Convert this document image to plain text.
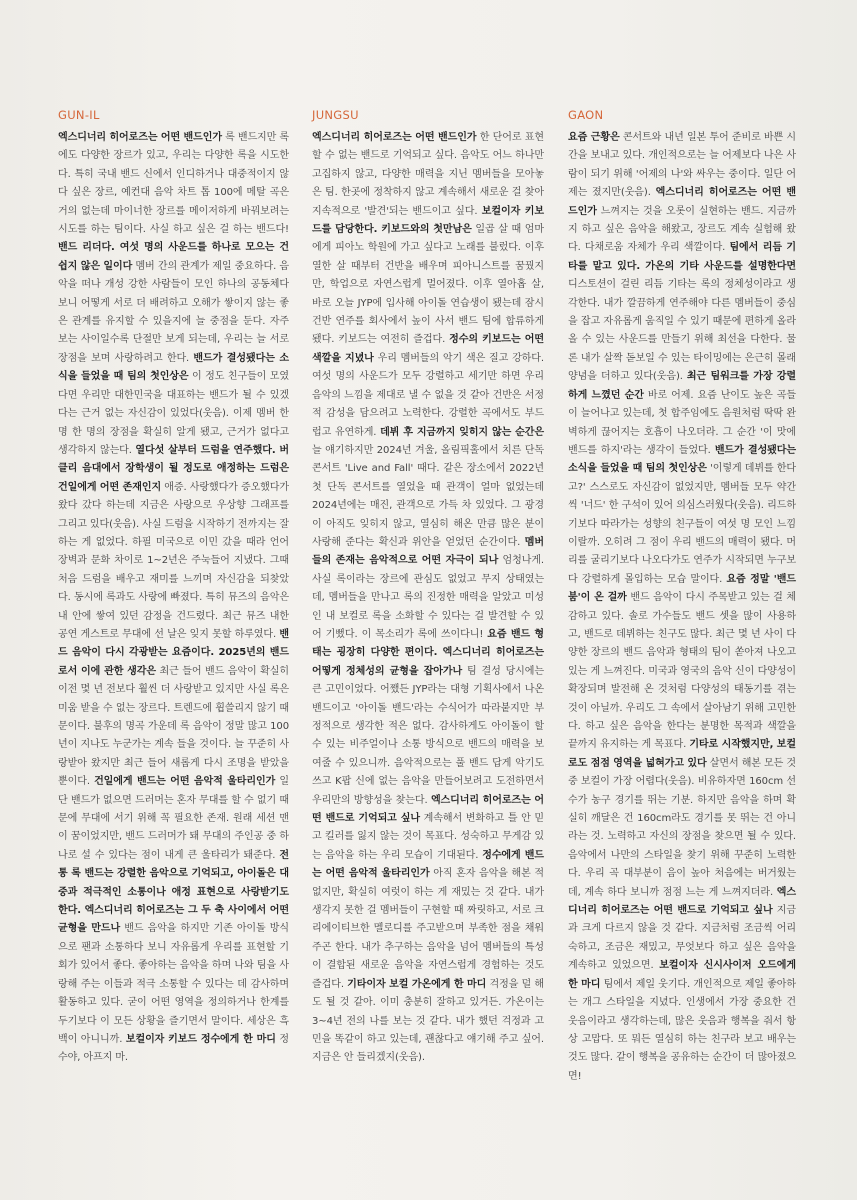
GUN-IL

엑스디너리 히어로즈는 어떤 밴드인가 록 밴드지만 록에도 다양한 장르가 있고, 우리는 다양한 록을 시도한다. 특히 국내 밴드 신에서 인디하거나 대중적이지 않다 싶은 장르, 예컨대 음악 차트 톱 100에 메탈 곡은 거의 없는데 마이너한 장르를 메이저하게 바꿔보려는 시도를 하는 팀이다. 사실 하고 싶은 걸 하는 밴드다! 밴드 리더다. 여섯 명의 사운드를 하나로 모으는 건 쉽지 않은 일이다 멤버 간의 관계가 제일 중요하다. 음악을 떠나 개성 강한 사람들이 모인 하나의 공동체다 보니 어떻게 서로 더 배려하고 오해가 쌓이지 않는 좋은 관계를 유지할 수 있을지에 늘 중점을 둔다. 자주 보는 사이일수록 단절만 보게 되는데, 우리는 늘 서로 장점을 보며 사랑하려고 한다. 밴드가 결성됐다는 소식을 들었을 때 팀의 첫인상은 이 정도 친구들이 모였다면 우리만 대한민국을 대표하는 밴드가 될 수 있겠다는 근거 없는 자신감이 있었다(웃음). 이제 멤버 한 명 한 명의 장점을 확실히 알게 됐고, 근거가 없다고 생각하지 않는다. 열다섯 살부터 드럼을 연주했다. 버클리 음대에서 장학생이 될 정도로 애정하는 드럼은 건일에게 어떤 존재인지 애증. 사랑했다가 증오했다가 왔다 갔다 하는데 지금은 사랑으로 우상향 그래프를 그리고 있다(웃음). 사실 드럼을 시작하기 전까지는 잘하는 게 없었다. 하필 미국으로 이민 갔을 때라 언어 장벽과 문화 차이로 1~2년은 주눅들어 지냈다. 그때 처음 드럼을 배우고 재미를 느끼며 자신감을 되찾았다. 동시에 록과도 사랑에 빠졌다. 특히 뮤즈의 음악은 내 안에 쌓여 있던 감정을 건드렸다. 최근 뮤즈 내한 공연 게스트로 무대에 선 날은 잊지 못할 하루였다. 밴드 음악이 다시 각광받는 요즘이다. 2025년의 밴드로서 이에 관한 생각은 최근 들어 밴드 음악이 확실히 이전 몇 년 전보다 훨씬 더 사랑받고 있지만 사실 록은 미움 받을 수 없는 장르다. 트렌드에 휩쓸리지 않기 때문이다. 불후의 명곡 가운데 록 음악이 정말 많고 100년이 지나도 누군가는 계속 들을 것이다. 늘 꾸준히 사랑받아 왔지만 최근 들어 새롭게 다시 조명을 받았을 뿐이다. 건일에게 밴드는 어떤 음악적 울타리인가 일단 밴드가 없으면 드러머는 혼자 무대를 할 수 없기 때문에 무대에 서기 위해 꼭 필요한 존재. 원래 세션 맨이 꿈이었지만, 밴드 드러머가 돼 무대의 주인공 중 하나로 설 수 있다는 점이 내게 큰 울타리가 돼준다. 전통 록 밴드는 강렬한 음악으로 기억되고, 아이돌은 대중과 적극적인 소통이나 애정 표현으로 사랑받기도 한다. 엑스디너리 히어로즈는 그 두 축 사이에서 어떤 균형을 만드나 밴드 음악을 하지만 기존 아이돌 방식으로 팬과 소통하다 보니 자유롭게 우리를 표현할 기회가 있어서 좋다. 좋아하는 음악을 하며 나와 팀을 사랑해 주는 이들과 적극 소통할 수 있다는 데 감사하며 활동하고 있다. 굳이 어떤 영역을 정의하거나 한계를 두기보다 이 모든 상황을 즐기면서 말이다. 세상은 흑백이 아니니까. 보컬이자 키보드 정수에게 한 마디 정수야, 아프지 마.

JUNGSU

엑스디너리 히어로즈는 어떤 밴드인가 한 단어로 표현할 수 없는 밴드로 기억되고 싶다. 음악도 어느 하나만 고집하지 않고, 다양한 매력을 지닌 멤버들을 모아놓은 팀. 한곳에 정착하지 않고 계속해서 새로운 걸 찾아 지속적으로 '발견'되는 밴드이고 싶다. 보컬이자 키보드를 담당한다. 키보드와의 첫만남은 일곱 살 때 엄마에게 피아노 학원에 가고 싶다고 노래를 불렀다. 이후 열한 살 때부터 건반을 배우며 피아니스트를 꿈꿨지만, 학업으로 자연스럽게 멀어졌다. 이후 열아홉 살, 바로 오늘 JYP에 입사해 아이돌 연습생이 됐는데 잠시 건반 연주를 회사에서 높이 사서 밴드 팀에 합류하게 됐다. 키보드는 여전히 즐겁다. 정수의 키보드는 어떤 색깔을 지녔나 우리 멤버들의 악기 색은 질고 강하다. 여섯 명의 사운드가 모두 강렬하고 세기만 하면 우리 음악의 느낌을 제대로 낼 수 없을 것 같아 건반은 서정적 감성을 담으려고 노력한다. 강렬한 곡에서도 부드럽고 유연하게. 데뷔 후 지금까지 잊히지 않는 순간은 늘 얘기하지만 2024년 겨울, 올림픽홀에서 치른 단독 콘서트 'Live and Fall' 때다. 같은 장소에서 2022년 첫 단독 콘서트를 열었을 때 관객이 얼마 없었는데 2024년에는 매진, 관객으로 가득 차 있었다. 그 광경이 아직도 잊히지 않고, 열심히 해온 만큼 많은 분이 사랑해 준다는 확신과 위안을 얻었던 순간이다. 멤버들의 존재는 음악적으로 어떤 자극이 되나 엄청나게. 사실 록이라는 장르에 관심도 없었고 무지 상태였는데, 멤버들을 만나고 록의 진정한 매력을 알았고 미성인 내 보컬로 록을 소화할 수 있다는 걸 발견할 수 있어 기뻤다. 이 목소리가 록에 쓰이다니! 요즘 밴드 형태는 굉장히 다양한 편이다. 엑스디너리 히어로즈는 어떻게 정체성의 균형을 잡아가나 팀 결성 당시에는 큰 고민이었다. 어쨌든 JYP라는 대형 기획사에서 나온 밴드이고 '아이돌 밴드'라는 수식어가 따라붙지만 부정적으로 생각한 적은 없다. 감사하게도 아이돌이 할 수 있는 비주얼이나 소통 방식으로 밴드의 매력을 보여줄 수 있으니까. 음악적으로는 풀 밴드 답게 악기도 쓰고 K팝 신에 없는 음악을 만들어보려고 도전하면서 우리만의 방향성을 찾는다. 엑스디너리 히어로즈는 어떤 밴드로 기억되고 싶나 계속해서 변화하고 틀 안 믿고 킬러를 잃지 않는 것이 목표다. 성숙하고 무게감 있는 음악을 하는 우리 모습이 기대된다. 정수에게 밴드는 어떤 음악적 울타리인가 아직 혼자 음악을 해본 적 없지만, 확실히 여럿이 하는 게 재밌는 것 같다. 내가 생각지 못한 걸 멤버들이 구현할 때 짜릿하고, 서로 크리에이티브한 멜로디를 주고받으며 부족한 점을 채워주곤 한다. 내가 추구하는 음악을 넘어 멤버들의 특성이 결합된 새로운 음악을 자연스럽게 경험하는 것도 즐겁다. 기타이자 보컬 가온에게 한 마디 걱정을 덜 해도 될 것 같아. 이미 충분히 잘하고 있거든. 가온이는 3~4년 전의 나를 보는 것 같다. 내가 했던 걱정과 고민을 똑같이 하고 있는데, 괜찮다고 얘기해 주고 싶어. 지금은 안 들리겠지(웃음).

GAON

요즘 근황은 콘서트와 내년 일본 투어 준비로 바쁜 시간을 보내고 있다. 개인적으로는 늘 어제보다 나은 사람이 되기 위해 '어제의 나'와 싸우는 중이다. 일단 어제는 졌지만(웃음). 엑스디너리 히어로즈는 어떤 밴드인가 느껴지는 것을 오롯이 실현하는 밴드. 지금까지 하고 싶은 음악을 해왔고, 장르도 계속 실험해 왔다. 다채로움 자체가 우리 색깔이다. 팀에서 리듬 기타를 맡고 있다. 가온의 기타 사운드를 설명한다면 디스토션이 걸린 리듬 기타는 록의 정체성이라고 생각한다. 내가 깔끔하게 연주해야 다른 멤버들이 중심을 잡고 자유롭게 움직일 수 있기 때문에 편하게 올라올 수 있는 사운드를 만들기 위해 최선을 다한다. 물론 내가 살짝 돋보일 수 있는 타이밍에는 은근히 몰래 양념을 더하고 있다(웃음). 최근 팀워크를 가장 강렬하게 느꼈던 순간 바로 어제. 요즘 난이도 높은 곡들이 늘어나고 있는데, 첫 합주임에도 음원처럼 딱딱 완벽하게 끊어지는 호흡이 나오더라. 그 순간 '이 맛에 밴드를 하지'라는 생각이 들었다. 밴드가 결성됐다는 소식을 들었을 때 팀의 첫인상은 '이렇게 데뷔를 한다고?' 스스로도 자신감이 없었지만, 멤버들 모두 약간씩 '너드' 한 구석이 있어 의심스러웠다(웃음). 리드하기보다 따라가는 성향의 친구들이 여섯 명 모인 느낌이랄까. 오히려 그 점이 우리 밴드의 매력이 됐다. 머리를 굴리기보다 나오다가도 연주가 시작되면 누구보다 강렬하게 몰입하는 모습 말이다. 요즘 정말 '밴드 붐'이 온 걸까 밴드 음악이 다시 주목받고 있는 걸 체감하고 있다. 솔로 가수들도 밴드 셋을 많이 사용하고, 밴드로 데뷔하는 친구도 많다. 최근 몇 년 사이 다양한 장르의 밴드 음악과 형태의 팀이 쏟아져 나오고 있는 게 느껴진다. 미국과 영국의 음악 신이 다양성이 확장되며 발전해 온 것처럼 다양성의 태동기를 겪는 것이 아닐까. 우리도 그 속에서 살아남기 위해 고민한다. 하고 싶은 음악을 한다는 분명한 목적과 색깔을 끝까지 유지하는 게 목표다. 기타로 시작했지만, 보컬로도 점점 영역을 넓혀가고 있다 살면서 해본 모든 것 중 보컬이 가장 어렵다(웃음). 비유하자면 160cm 선수가 농구 경기를 뛰는 기분. 하지만 음악을 하며 확실히 깨달은 건 160cm라도 경기를 못 뛰는 건 아니라는 것. 노력하고 자신의 장점을 찾으면 될 수 있다. 음악에서 나만의 스타일을 찾기 위해 꾸준히 노력한다. 우리 곡 대부분이 음이 높아 처음에는 버거웠는데, 계속 하다 보니까 점점 느는 게 느껴지더라. 엑스디너리 히어로즈는 어떤 밴드로 기억되고 싶나 지금과 크게 다르지 않을 것 같다. 지금처럼 조금씩 어리숙하고, 조금은 재밌고, 무엇보다 하고 싶은 음악을 계속하고 있었으면. 보컬이자 신시사이저 오드에게 한 마디 팀에서 제일 웃기다. 개인적으로 제일 좋아하는 개그 스타일을 지녔다. 인생에서 가장 중요한 건 웃음이라고 생각하는데, 많은 웃음과 행복을 줘서 항상 고맙다. 또 뭐든 열심히 하는 친구라 보고 배우는 것도 많다. 같이 행복을 공유하는 순간이 더 많아졌으면!
